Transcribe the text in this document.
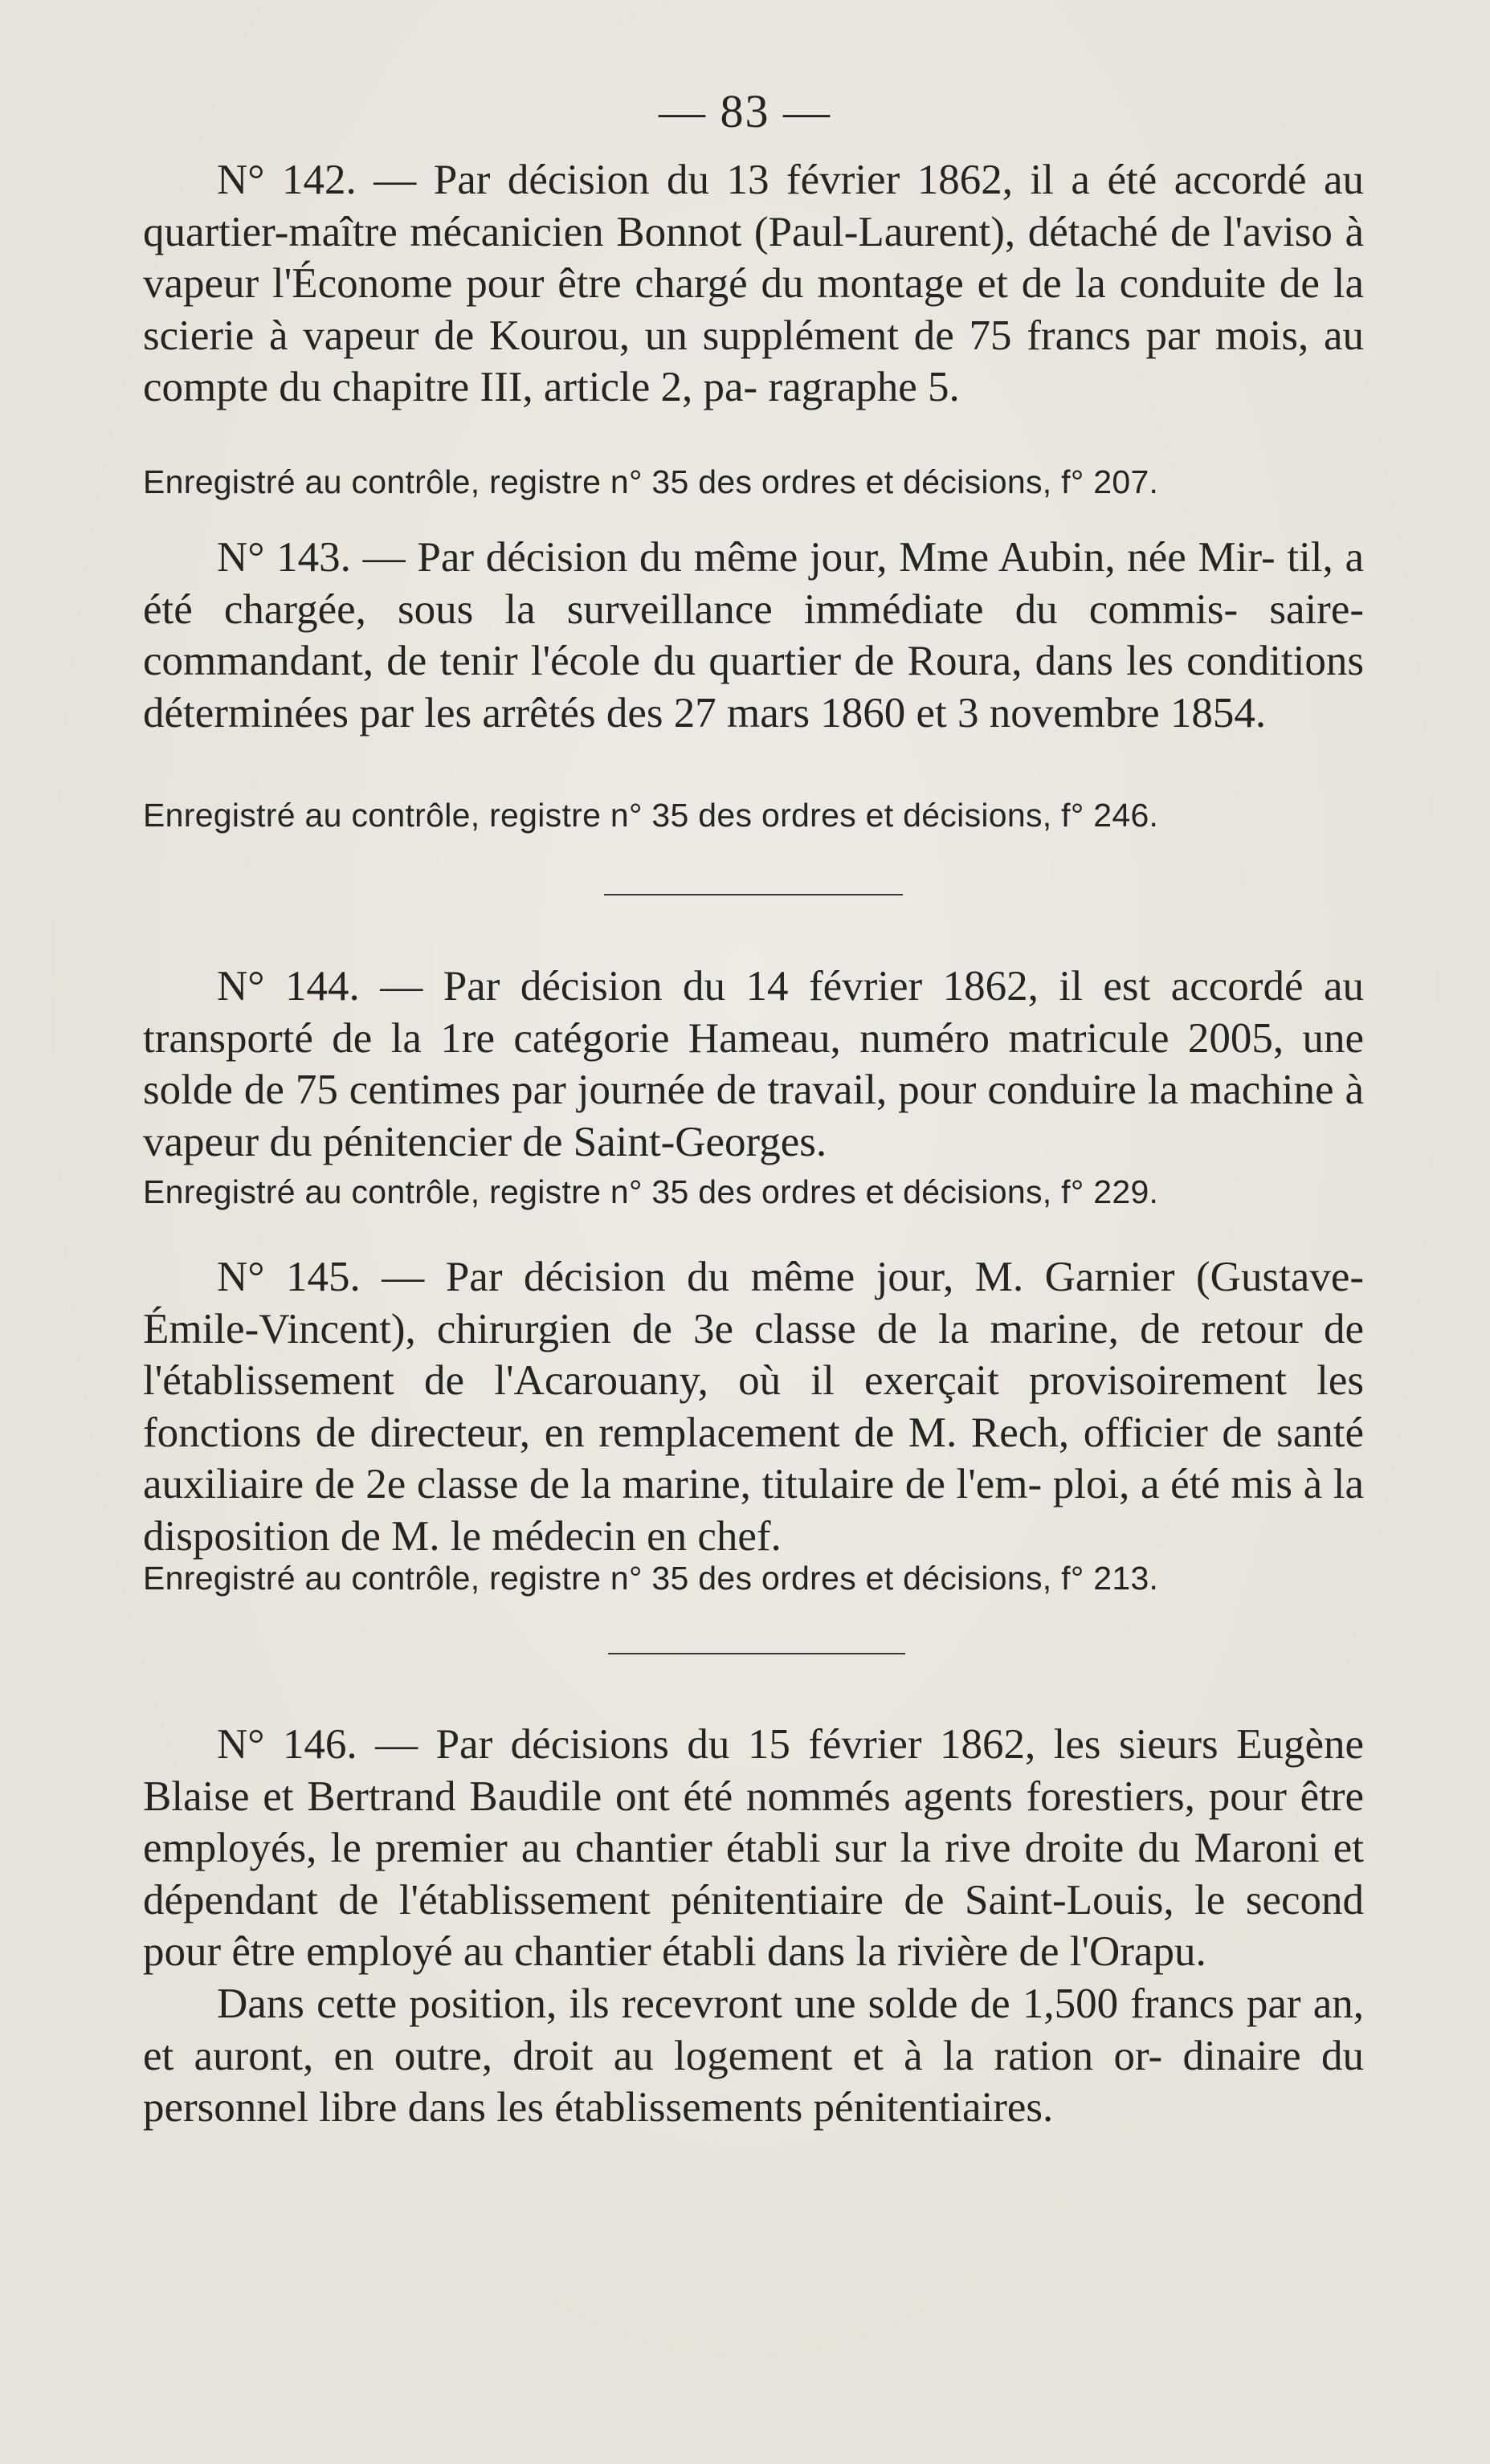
— 83 —

N° 142. — Par décision du 13 février 1862, il a été accordé au quartier-maître mécanicien Bonnot (Paul-Laurent), détaché de l'aviso à vapeur l'Économe pour être chargé du montage et de la conduite de la scierie à vapeur de Kourou, un supplément de 75 francs par mois, au compte du chapitre III, article 2, pa- ragraphe 5.

Enregistré au contrôle, registre n° 35 des ordres et décisions, f° 207.

N° 143. — Par décision du même jour, Mme Aubin, née Mir- til, a été chargée, sous la surveillance immédiate du commis- saire-commandant, de tenir l'école du quartier de Roura, dans les conditions déterminées par les arrêtés des 27 mars 1860 et 3 novembre 1854.

Enregistré au contrôle, registre n° 35 des ordres et décisions, f° 246.

N° 144. — Par décision du 14 février 1862, il est accordé au transporté de la 1re catégorie Hameau, numéro matricule 2005, une solde de 75 centimes par journée de travail, pour conduire la machine à vapeur du pénitencier de Saint-Georges.

Enregistré au contrôle, registre n° 35 des ordres et décisions, f° 229.

N° 145. — Par décision du même jour, M. Garnier (Gustave- Émile-Vincent), chirurgien de 3e classe de la marine, de retour de l'établissement de l'Acarouany, où il exerçait provisoirement les fonctions de directeur, en remplacement de M. Rech, officier de santé auxiliaire de 2e classe de la marine, titulaire de l'em- ploi, a été mis à la disposition de M. le médecin en chef.

Enregistré au contrôle, registre n° 35 des ordres et décisions, f° 213.

N° 146. — Par décisions du 15 février 1862, les sieurs Eugène Blaise et Bertrand Baudile ont été nommés agents forestiers, pour être employés, le premier au chantier établi sur la rive droite du Maroni et dépendant de l'établissement pénitentiaire de Saint-Louis, le second pour être employé au chantier établi dans la rivière de l'Orapu.

Dans cette position, ils recevront une solde de 1,500 francs par an, et auront, en outre, droit au logement et à la ration or- dinaire du personnel libre dans les établissements pénitentiaires.
